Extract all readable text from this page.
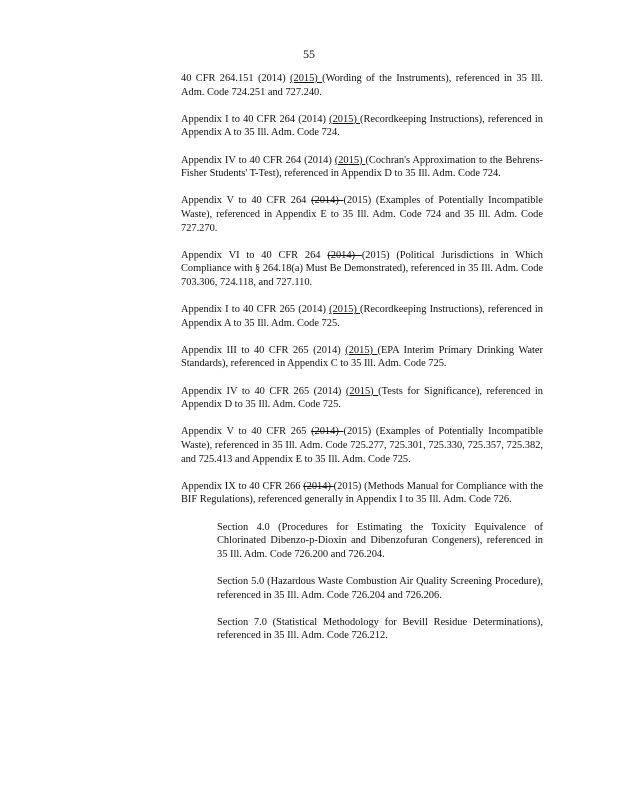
55

40 CFR 264.151 (2014) (2015) (Wording of the Instruments), referenced in 35 Ill. Adm. Code 724.251 and 727.240.

Appendix I to 40 CFR 264 (2014) (2015) (Recordkeeping Instructions), referenced in Appendix A to 35 Ill. Adm. Code 724.

Appendix IV to 40 CFR 264 (2014) (2015) (Cochran's Approximation to the Behrens-Fisher Students' T-Test), referenced in Appendix D to 35 Ill. Adm. Code 724.

Appendix V to 40 CFR 264 (2014) (2015) (Examples of Potentially Incompatible Waste), referenced in Appendix E to 35 Ill. Adm. Code 724 and 35 Ill. Adm. Code 727.270.

Appendix VI to 40 CFR 264 (2014) (2015) (Political Jurisdictions in Which Compliance with § 264.18(a) Must Be Demonstrated), referenced in 35 Ill. Adm. Code 703.306, 724.118, and 727.110.

Appendix I to 40 CFR 265 (2014) (2015) (Recordkeeping Instructions), referenced in Appendix A to 35 Ill. Adm. Code 725.

Appendix III to 40 CFR 265 (2014) (2015) (EPA Interim Primary Drinking Water Standards), referenced in Appendix C to 35 Ill. Adm. Code 725.

Appendix IV to 40 CFR 265 (2014) (2015) (Tests for Significance), referenced in Appendix D to 35 Ill. Adm. Code 725.

Appendix V to 40 CFR 265 (2014) (2015) (Examples of Potentially Incompatible Waste), referenced in 35 Ill. Adm. Code 725.277, 725.301, 725.330, 725.357, 725.382, and 725.413 and Appendix E to 35 Ill. Adm. Code 725.

Appendix IX to 40 CFR 266 (2014) (2015) (Methods Manual for Compliance with the BIF Regulations), referenced generally in Appendix I to 35 Ill. Adm. Code 726.

Section 4.0 (Procedures for Estimating the Toxicity Equivalence of Chlorinated Dibenzo-p-Dioxin and Dibenzofuran Congeners), referenced in 35 Ill. Adm. Code 726.200 and 726.204.

Section 5.0 (Hazardous Waste Combustion Air Quality Screening Procedure), referenced in 35 Ill. Adm. Code 726.204 and 726.206.

Section 7.0 (Statistical Methodology for Bevill Residue Determinations), referenced in 35 Ill. Adm. Code 726.212.
